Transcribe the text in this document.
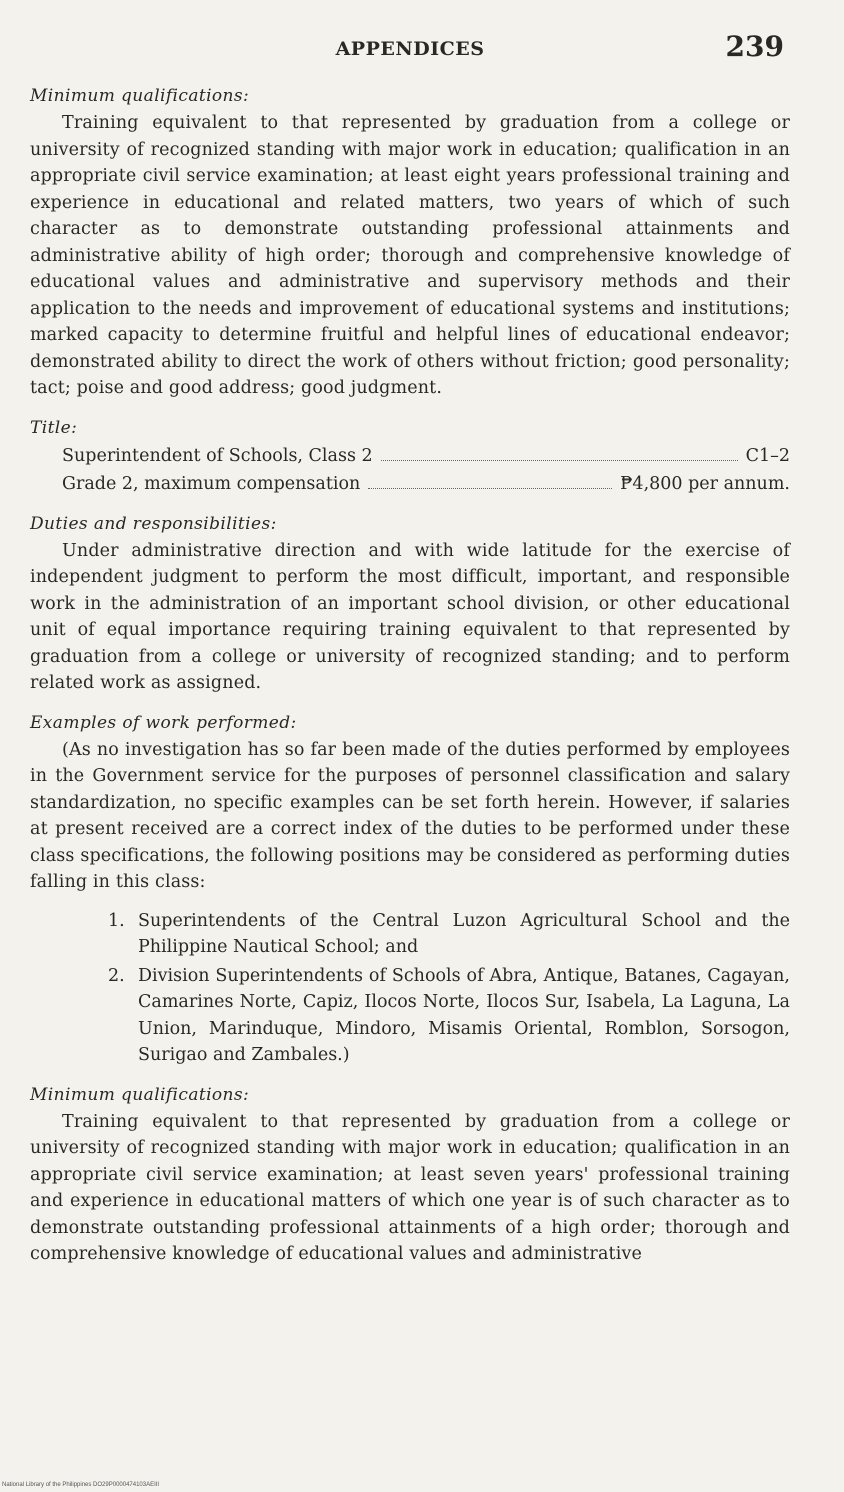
APPENDICES	239
Minimum qualifications:

Training equivalent to that represented by graduation from a college or university of recognized standing with major work in education; qualification in an appropriate civil service examination; at least eight years professional training and experience in educational and related matters, two years of which of such character as to demonstrate outstanding professional attainments and administrative ability of high order; thorough and comprehensive knowledge of educational values and administrative and supervisory methods and their application to the needs and improvement of educational systems and institutions; marked capacity to determine fruitful and helpful lines of educational endeavor; demonstrated ability to direct the work of others without friction; good personality; tact; poise and good address; good judgment.

Title:
Superintendent of Schools, Class 2	C1–2
Grade 2, maximum compensation	₱4,800 per annum.
Duties and responsibilities:

Under administrative direction and with wide latitude for the exercise of independent judgment to perform the most difficult, important, and responsible work in the administration of an important school division, or other educational unit of equal importance requiring training equivalent to that represented by graduation from a college or university of recognized standing; and to perform related work as assigned.

Examples of work performed:

(As no investigation has so far been made of the duties performed by employees in the Government service for the purposes of personnel classification and salary standardization, no specific examples can be set forth herein. However, if salaries at present received are a correct index of the duties to be performed under these class specifications, the following positions may be considered as performing duties falling in this class:

1. Superintendents of the Central Luzon Agricultural School and the Philippine Nautical School; and
2. Division Superintendents of Schools of Abra, Antique, Batanes, Cagayan, Camarines Norte, Capiz, Ilocos Norte, Ilocos Sur, Isabela, La Laguna, La Union, Marinduque, Mindoro, Misamis Oriental, Romblon, Sorsogon, Surigao and Zambales.)
Minimum qualifications:

Training equivalent to that represented by graduation from a college or university of recognized standing with major work in education; qualification in an appropriate civil service examination; at least seven years' professional training and experience in educational matters of which one year is of such character as to demonstrate outstanding professional attainments of a high order; thorough and comprehensive knowledge of educational values and administrative

National Library of the Philippines DO29P0000474103AEIII
